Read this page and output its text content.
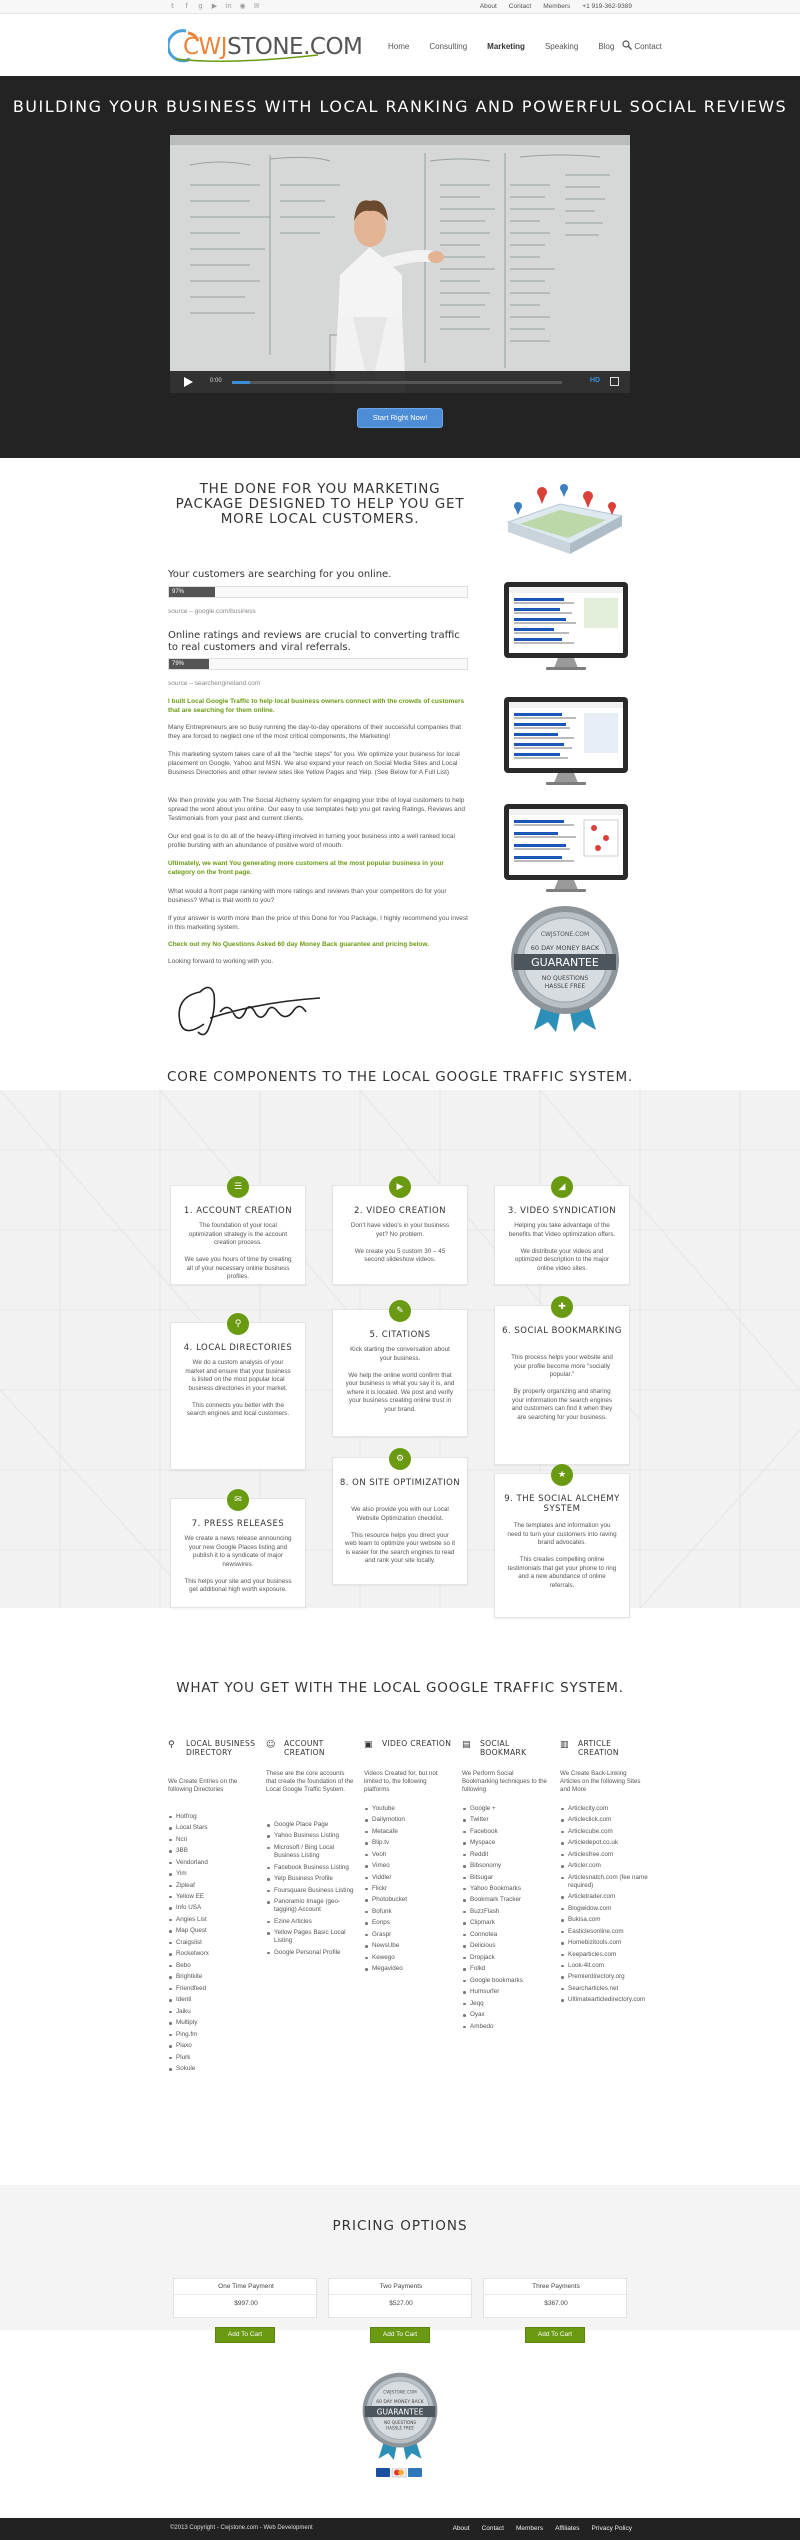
t	f	g	▶ in ◉ ✉	About Contact Members +1 919-362-9389
CWJSTONE.COM	Home	Consulting	Marketing	Speaking	Blog	Contact
BUILDING YOUR BUSINESS WITH LOCAL RANKING AND POWERFUL SOCIAL REVIEWS
0:00	HD
Start Right Now!
THE DONE FOR YOU MARKETING PACKAGE DESIGNED TO HELP YOU GET MORE LOCAL CUSTOMERS.
Your customers are searching for you online.
97%
source – google.com/business
Online ratings and reviews are crucial to converting traffic to real customers and viral referrals.
79%
source – searchengineland.com
I built Local Google Traffic to help local business owners connect with the crowds of customers that are searching for them online.
Many Entrepreneurs are so busy running the day-to-day operations of their successful companies that they are forced to neglect one of the most critical components, the Marketing!
This marketing system takes care of all the "techie steps" for you. We optimize your business for local placement on Google, Yahoo and MSN. We also expand your reach on Social Media Sites and Local Business Directories and other review sites like Yellow Pages and Yelp. (See Below for A Full List)
We then provide you with The Social Alchemy system for engaging your tribe of loyal customers to help spread the word about you online. Our easy to use templates help you get raving Ratings, Reviews and Testimonials from your past and current clients.
Our end goal is to do all of the heavy-lifting involved in turning your business into a well ranked local profile bursting with an abundance of positive word of mouth.
Ultimately, we want You generating more customers at the most popular business in your category on the front page.
What would a front page ranking with more ratings and reviews than your competitors do for your business? What is that worth to you?
If your answer is worth more than the price of this Done for You Package, I highly recommend you invest in this marketing system.
Check out my No Questions Asked 60 day Money Back guarantee and pricing below.
Looking forward to working with you.
CWJSTONE.COM
60 DAY MONEY BACK
GUARANTEE
NO QUESTIONS
HASSLE FREE
CORE COMPONENTS TO THE LOCAL GOOGLE TRAFFIC SYSTEM.
☰
1. ACCOUNT CREATION

The foundation of your local optimization strategy is the account creation process.

We save you hours of time by creating all of your necessary online business profiles.

▶
2. VIDEO CREATION

Don't have video's in your business yet? No problem.

We create you 5 custom 30 – 45 second slideshow videos.

◢
3. VIDEO SYNDICATION

Helping you take advantage of the benefits that Video optimization offers.

We distribute your videos and optimized description to the major online video sites.

⚲
4. LOCAL DIRECTORIES

We do a custom analysis of your market and ensure that your business is listed on the most popular local business directories in your market.

This connects you better with the search engines and local customers.

✎
5. CITATIONS

Kick starting the conversation about your business.

We help the online world confirm that your business is what you say it is, and where it is located. We post and verify your business creating online trust in your brand.

✚
6. SOCIAL BOOKMARKING

This process helps your website and your profile become more "socially popular."

By properly organizing and sharing your information the search engines and customers can find it when they are searching for your business.

✉
7. PRESS RELEASES

We create a news release announcing your new Google Places listing and publish it to a syndicate of major newswires.

This helps your site and your business get additional high worth exposure.

⚙
8. ON SITE OPTIMIZATION

We also provide you with our Local Website Optimization checklist.

This resource helps you direct your web team to optimize your website so it is easier for the search engines to read and rank your site locally.

★
9. THE SOCIAL ALCHEMY SYSTEM

The templates and information you need to turn your customers into raving brand advocates.

This creates compelling online testimonials that get your phone to ring and a new abundance of online referrals.

WHAT YOU GET WITH THE LOCAL GOOGLE TRAFFIC SYSTEM.
⚲	LOCAL BUSINESS DIRECTORY
We Create Entries on the following Directories
Hotfrog
Local Stars
Ncri
3BB
Vendorland
Yim
Zipleaf
Yellow EE
Info USA
Angies List
Map Quest
Craigslist
Rocketworx
Bebo
Brightkite
Friendfeed
Identi
Jaiku
Multiply
Ping.fm
Plaxo
Plurk
Sokule
☺ ACCOUNT CREATION
These are the core accounts that create the foundation of the Local Google Traffic System.
Google Place Page
Yahoo Business Listing
Microsoft / Bing Local Business Listing
Facebook Business Listing
Yelp Business Profile
Foursquare Business Listing
Panoramio Image (geo-tagging) Account
Ezine Articles
Yellow Pages Basic Local Listing
Google Personal Profile
▣ VIDEO CREATION
Videos Created for, but not limited to, the following platforms
Youtube
Dailymotion
Metacafe
Blip.tv
Veoh
Vimeo
Viddler
Flickr
Photobucket
Bofunk
Eonps
Graspr
NewsUbe
Kewego
Megavideo
▤ SOCIAL BOOKMARK
We Perform Social Bookmarking techniques to the following
Google +
Twitter
Facebook
Myspace
Reddit
Bibsonomy
Bitsugar
Yahoo Bookmarks
Bookmark Tracker
BuzzFlash
Clipmark
Connotea
Delicious
Dropjack
Folkd
Google bookmarks
Humsurfer
Jeqq
Oyax
Ambedo
▥ ARTICLE CREATION
We Create Back-Linking Articles on the following Sites and More
Articlecity.com
Articleclick.com
Articlecube.com
Articledepot.co.uk
Articlesfree.com
Articler.com
Articlesnatch.com (fee name required)
Articletrader.com
Blogwidow.com
Bukisa.com
Easticlesonline.com
Homebizitools.com
Keeparticles.com
Look-4it.com
Premierdirectory.org
Searcharticles.net
Ultimatearticledirectory.com
PRICING OPTIONS
One Time Payment
$997.00
Add To Cart
Two Payments
$527.00
Add To Cart
Three Payments
$367.00
Add To Cart
CWJSTONE.COM
60 DAY MONEY BACK
GUARANTEE
NO QUESTIONS
HASSLE FREE
©2013 Copyright - Cwjstone.com - Web Development	About Contact Members Affiliates Privacy Policy
